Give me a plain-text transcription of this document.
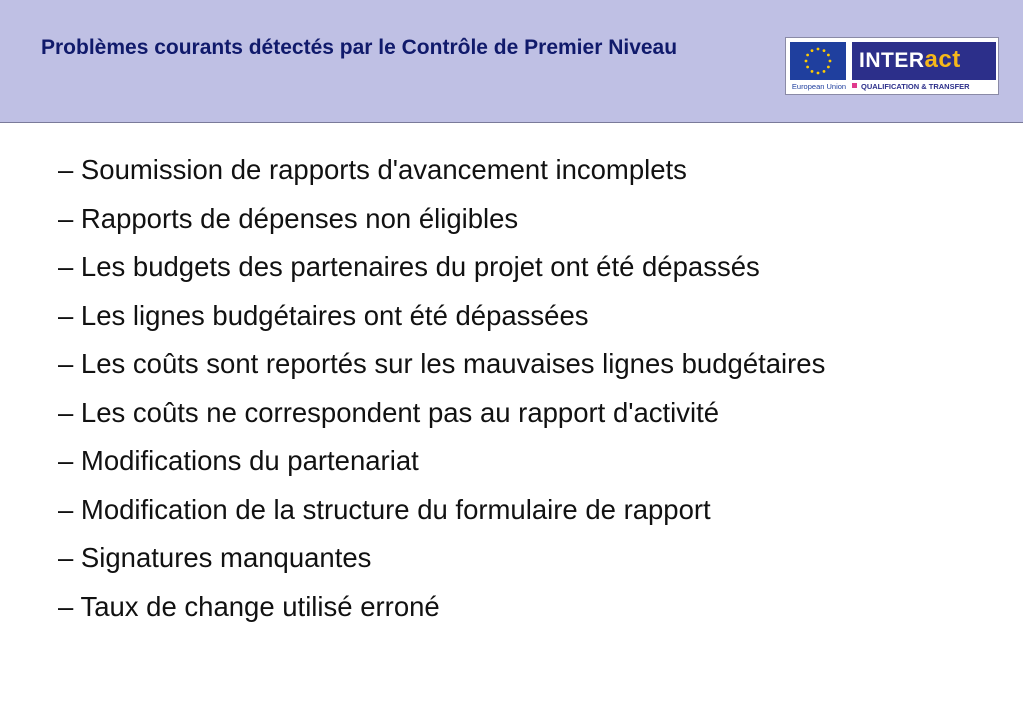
Problèmes courants détectés par le Contrôle de Premier Niveau
European Union
INTERact
QUALIFICATION & TRANSFER
– Soumission de rapports d'avancement incomplets
– Rapports de dépenses non éligibles
– Les budgets des partenaires du projet ont été dépassés
– Les lignes budgétaires ont été dépassées
– Les coûts sont reportés sur les mauvaises lignes budgétaires
– Les coûts ne correspondent pas au rapport d'activité
– Modifications du partenariat
– Modification de la structure du formulaire de rapport
– Signatures manquantes
– Taux de change utilisé erroné
